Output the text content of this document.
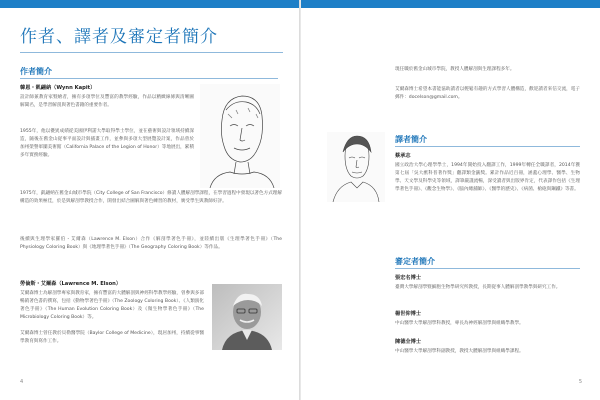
作者、譯者及審定者簡介
作者簡介
韓恩・凱翩納（Wynn Kapit）

設計師兼教育家暨繪者，擁有多項學位及豐富的教學經驗，作品以精緻線條與清晰圖解聞名，是學習解剖與著色書籍的重要作者。

1955年，他以優異成績從美國伊利諾大學取得學士學位，並在藝術與設計領域持續深造，隨後在舊金山從事平面設計與插畫工作，並參與多項大型展覽設計案，作品曾於加州榮譽軍團美術館（California Palace of the Legion of Honor）等地展出，累積多年實務經驗。

1975年，凱翩納在舊金山城市學院（City College of San Francisco）修讀人體解剖學課程，在學習過程中發現以著色方式理解構造的效果極佳，於是與解剖學教授合作，開發出結合圖解與著色練習的教材，廣受學生與教師好評。

後續與生理學家羅伯・艾爾森（Lawrence M. Elson）合作《解剖學著色手冊》，並陸續出版《生理學著色手冊》（The Physiology Coloring Book）與《地理學著色手冊》（The Geography Coloring Book）等作品。

勞倫斯・艾爾森（Lawrence M. Elson）

艾爾森博士為解剖學專家與教育家，擁有豐富的大體解剖與神經科學教學經驗，曾參與多部暢銷著色書的撰寫，包括《動物學著色手冊》（The Zoology Coloring Book）、《人類演化著色手冊》（The Human Evolution Coloring Book）及《微生物學著色手冊》（The Microbiology Coloring Book）等。

艾爾森博士曾任教於貝勒醫學院（Baylor College of Medicine），現居加州，持續從事醫學教育與寫作工作。

4

現任職於舊金山城市學院，教授人體解剖與生理課程多年。

艾爾森博士希望本書能協助讀者以輕鬆有趣的方式學習人體構造，歡迎讀者來信交流，電子郵件：docelson@gmail.com。

譯者簡介
蔡承志

國立政治大學心理學學士，1994年開始投入翻譯工作，1999年轉任全職譯者，2014年獲第七屆「吳大猷科普著作獎」翻譯類金籤獎。累計作品近百冊，涵蓋心理學、醫學、生物學、天文學及科學史等領域，譯筆嚴謹流暢，深受讀者與出版界肯定，代表譯作包括《生理學著色手冊》、《觀念生物學》、《腦內總舖師》、《醫學的歷史》、《病菌、槍砲與鋼鐵》等書。

審定者簡介
張宏名博士

臺灣大學解剖學暨細胞生物學研究所教授，長期從事人體解剖學教學與研究工作。

楊世仰博士

中山醫學大學解剖學科教授，專長為神經解剖學與組織學教學。

陳德全博士

中山醫學大學解剖學科副教授，教授大體解剖學與組織學課程。

5
